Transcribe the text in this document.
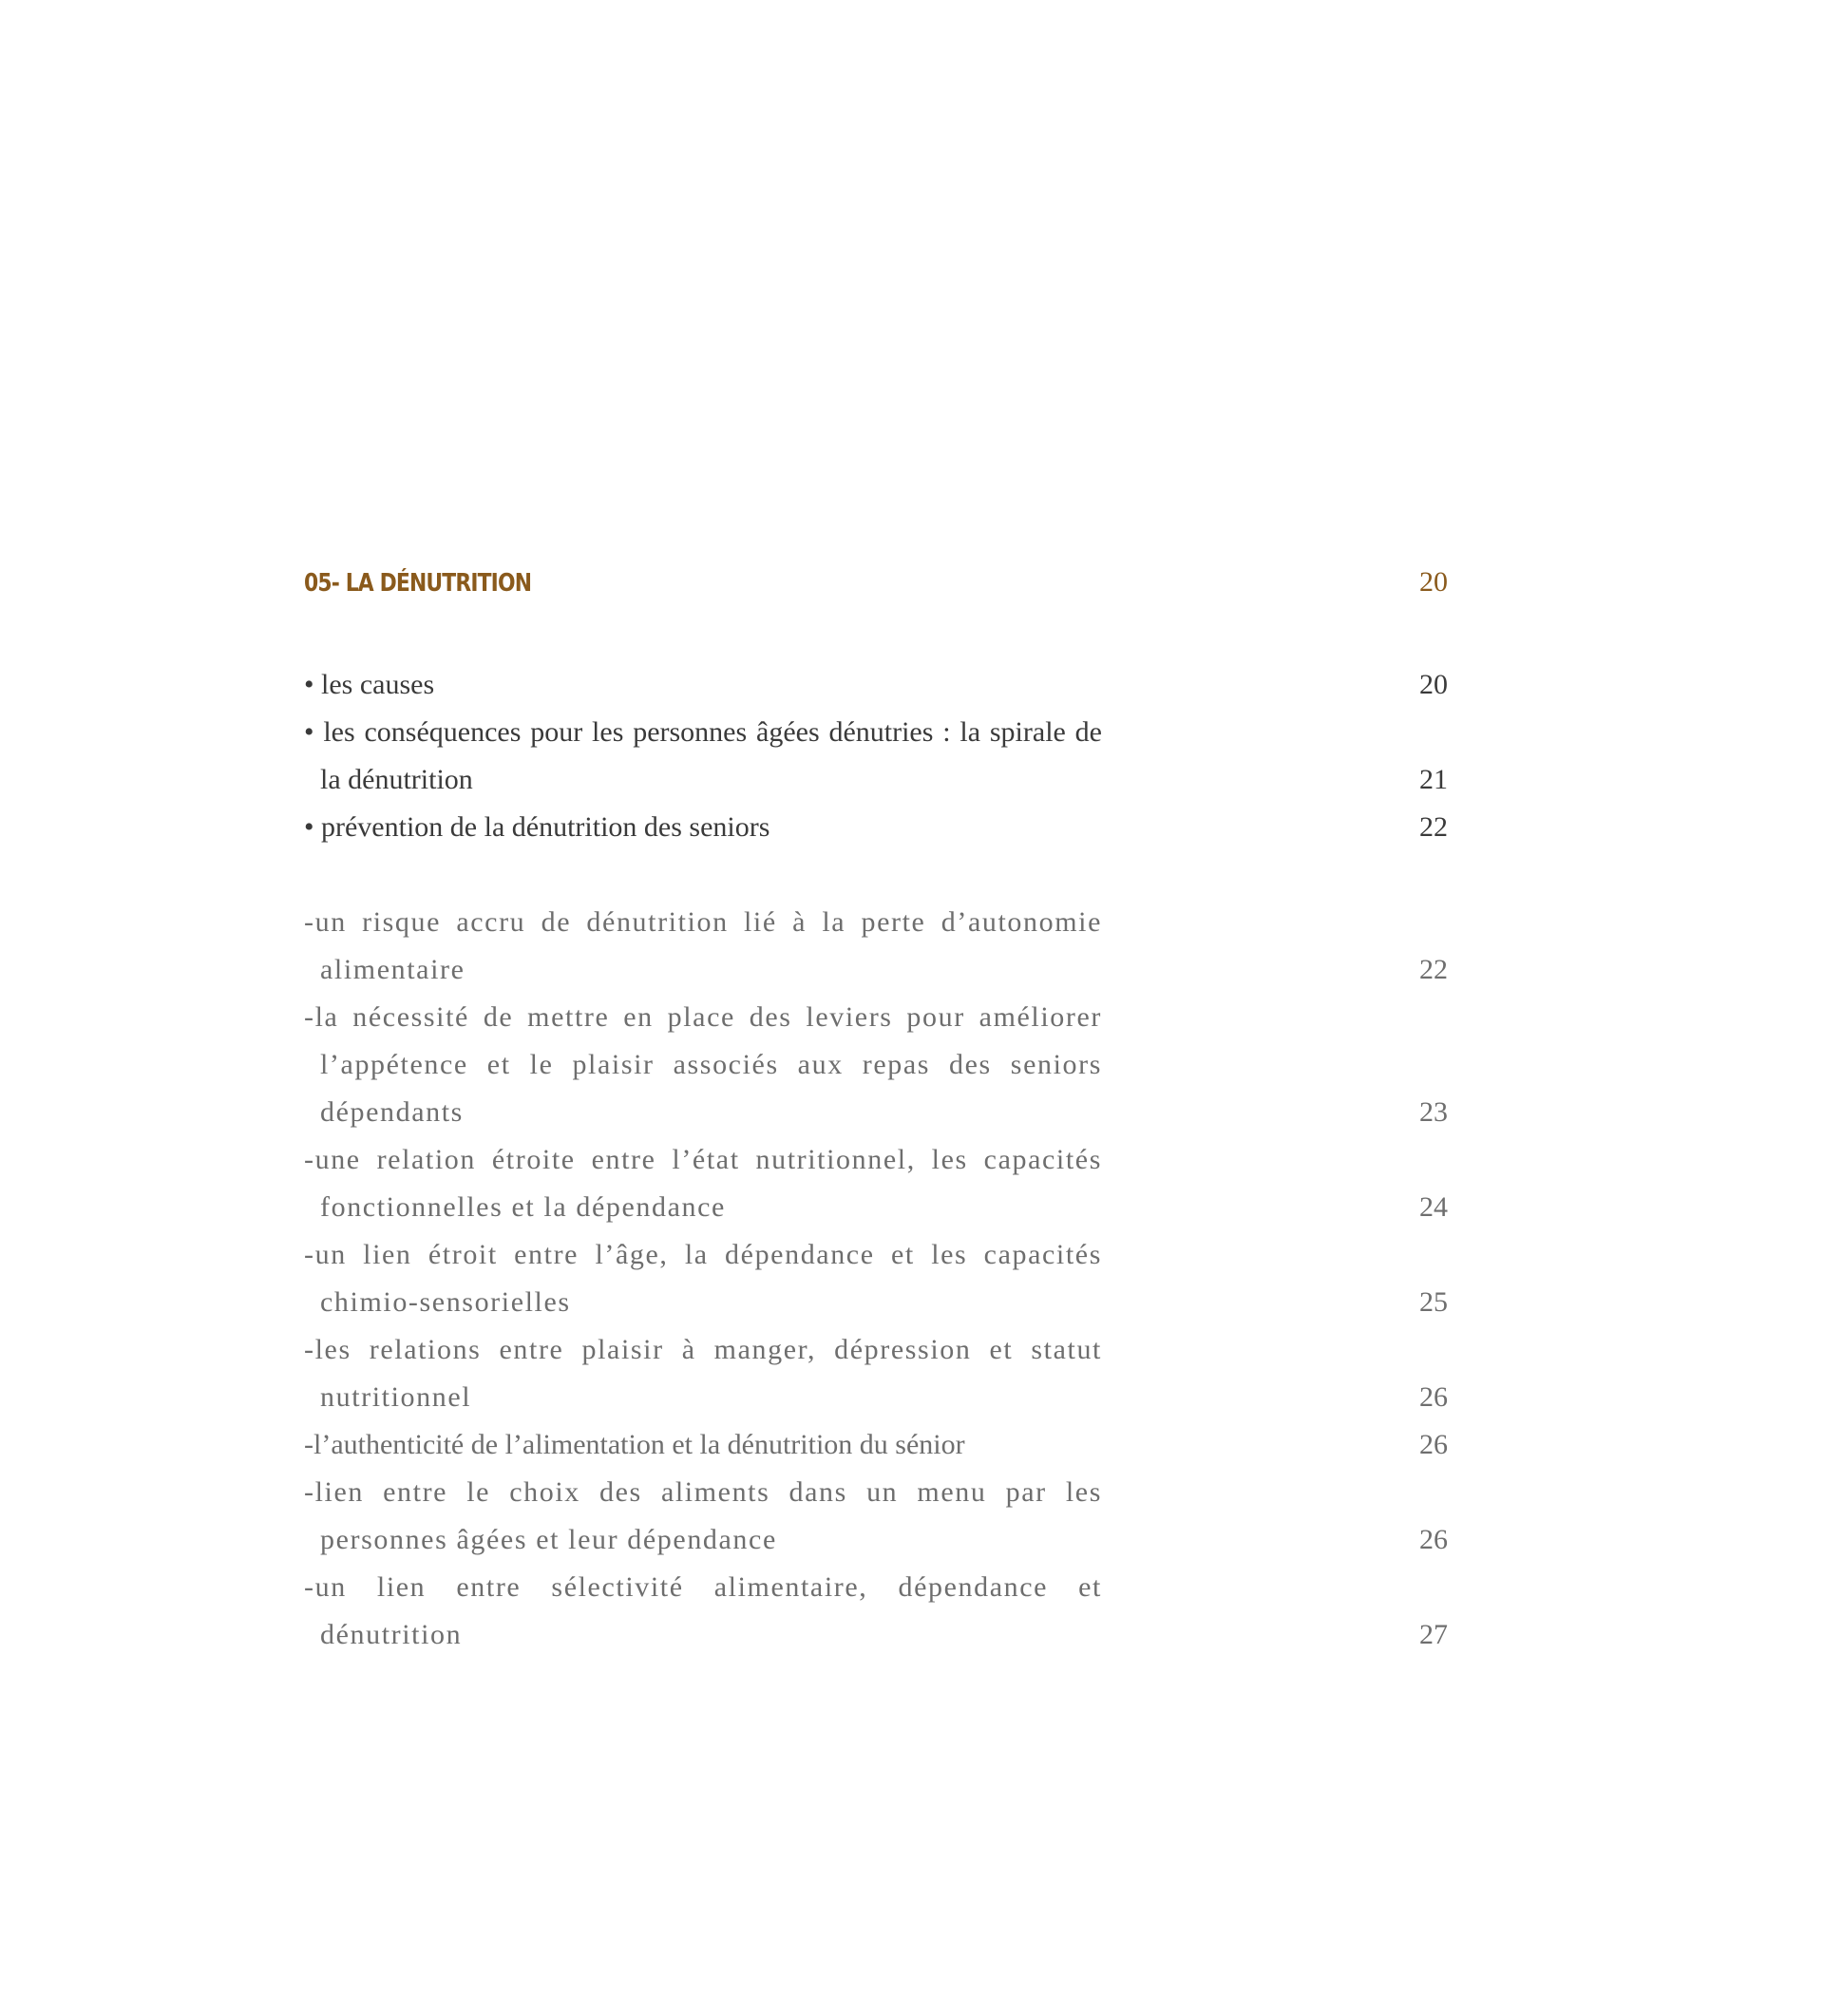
05- LA DÉNUTRITION	20
• les causes	20
• les conséquences pour les personnes âgées dénutries : la spirale de la dénutrition	21
• prévention de la dénutrition des seniors	22
-un risque accru de dénutrition lié à la perte d’autonomie alimentaire	22
-la nécessité de mettre en place des leviers pour améliorer l’appétence et le plaisir associés aux repas des seniors dépendants	23
-une relation étroite entre l’état nutritionnel, les capacités fonctionnelles et la dépendance	24
-un lien étroit entre l’âge, la dépendance et les capacités chimio-sensorielles	25
-les relations entre plaisir à manger, dépression et statut nutritionnel	26
-l’authenticité de l’alimentation et la dénutrition du sénior	26
-lien entre le choix des aliments dans un menu par les personnes âgées et leur dépendance	26
-un lien entre sélectivité alimentaire, dépendance et dénutrition	27
